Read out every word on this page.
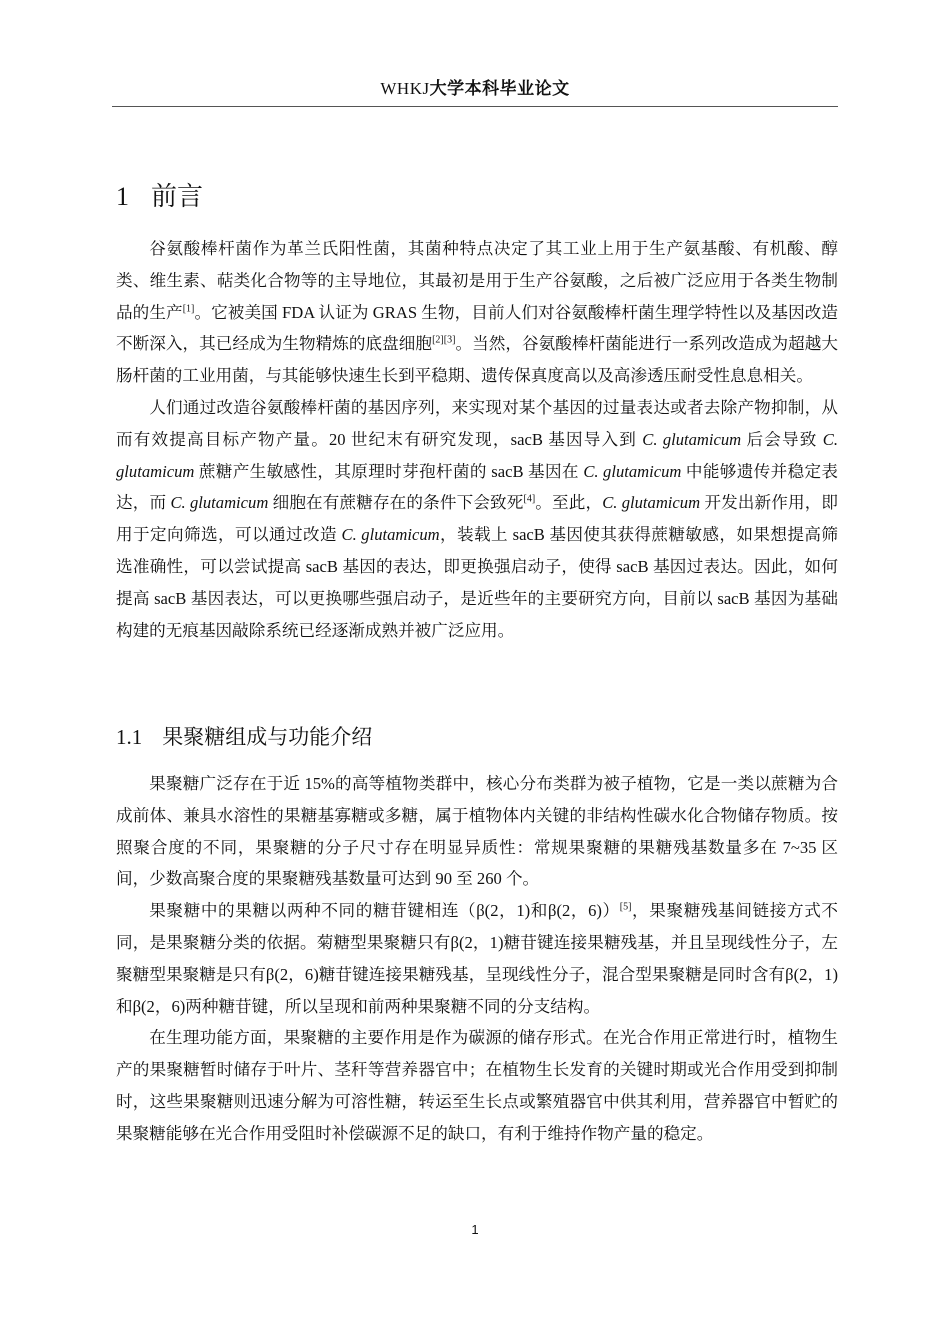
WHKJ大学本科毕业论文
1 前言

谷氨酸棒杆菌作为革兰氏阳性菌，其菌种特点决定了其工业上用于生产氨基酸、有机酸、醇类、维生素、萜类化合物等的主导地位，其最初是用于生产谷氨酸，之后被广泛应用于各类生物制品的生产[1]。它被美国 FDA 认证为 GRAS 生物，目前人们对谷氨酸棒杆菌生理学特性以及基因改造不断深入，其已经成为生物精炼的底盘细胞[2][3]。当然，谷氨酸棒杆菌能进行一系列改造成为超越大肠杆菌的工业用菌，与其能够快速生长到平稳期、遗传保真度高以及高渗透压耐受性息息相关。

人们通过改造谷氨酸棒杆菌的基因序列，来实现对某个基因的过量表达或者去除产物抑制，从而有效提高目标产物产量。20 世纪末有研究发现，sacB 基因导入到 C. glutamicum 后会导致 C. glutamicum 蔗糖产生敏感性，其原理时芽孢杆菌的 sacB 基因在 C. glutamicum 中能够遗传并稳定表达，而 C. glutamicum 细胞在有蔗糖存在的条件下会致死[4]。至此，C. glutamicum 开发出新作用，即用于定向筛选，可以通过改造 C. glutamicum，装载上 sacB 基因使其获得蔗糖敏感，如果想提高筛选准确性，可以尝试提高 sacB 基因的表达，即更换强启动子，使得 sacB 基因过表达。因此，如何提高 sacB 基因表达，可以更换哪些强启动子，是近些年的主要研究方向，目前以 sacB 基因为基础构建的无痕基因敲除系统已经逐渐成熟并被广泛应用。

1.1 果聚糖组成与功能介绍

果聚糖广泛存在于近 15%的高等植物类群中，核心分布类群为被子植物，它是一类以蔗糖为合成前体、兼具水溶性的果糖基寡糖或多糖，属于植物体内关键的非结构性碳水化合物储存物质。按照聚合度的不同，果聚糖的分子尺寸存在明显异质性：常规果聚糖的果糖残基数量多在 7~35 区间，少数高聚合度的果聚糖残基数量可达到 90 至 260 个。

果聚糖中的果糖以两种不同的糖苷键相连（β(2，1)和β(2，6)）[5]，果聚糖残基间链接方式不同，是果聚糖分类的依据。菊糖型果聚糖只有β(2，1)糖苷键连接果糖残基，并且呈现线性分子，左聚糖型果聚糖是只有β(2，6)糖苷键连接果糖残基，呈现线性分子，混合型果聚糖是同时含有β(2，1)和β(2，6)两种糖苷键，所以呈现和前两种果聚糖不同的分支结构。

在生理功能方面，果聚糖的主要作用是作为碳源的储存形式。在光合作用正常进行时，植物生产的果聚糖暂时储存于叶片、茎秆等营养器官中；在植物生长发育的关键时期或光合作用受到抑制时，这些果聚糖则迅速分解为可溶性糖，转运至生长点或繁殖器官中供其利用，营养器官中暂贮的果聚糖能够在光合作用受阻时补偿碳源不足的缺口，有利于维持作物产量的稳定。

1
